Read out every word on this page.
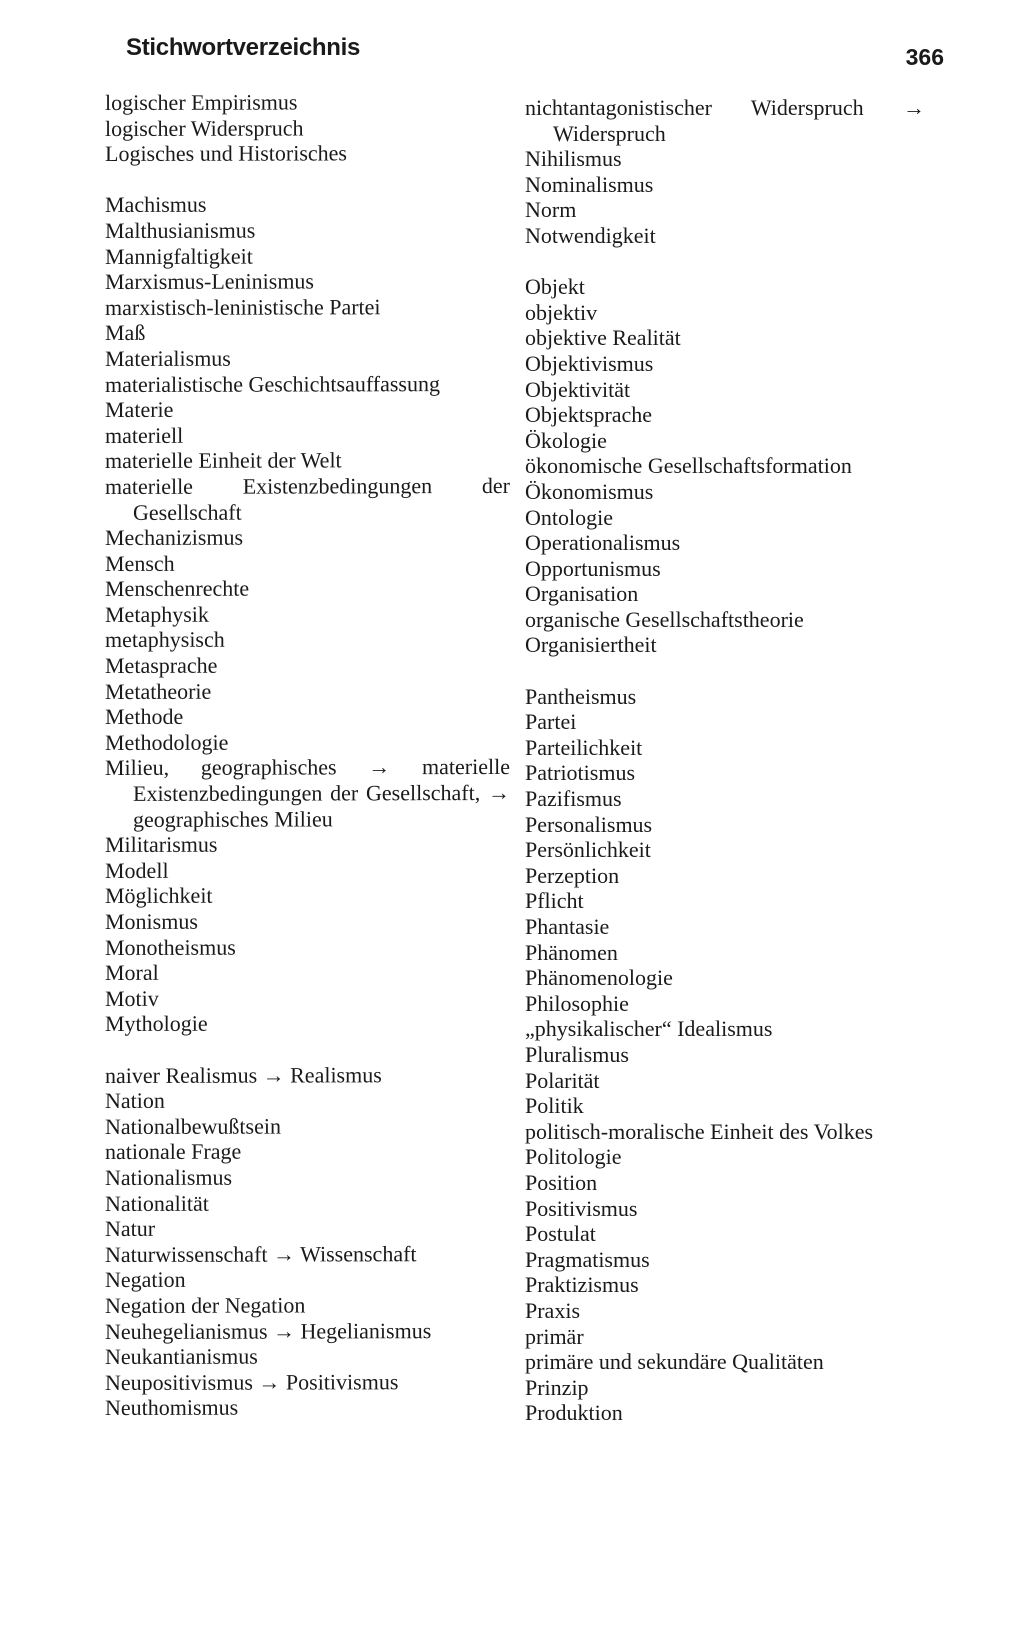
Stichwortverzeichnis	366
logischer Empirismus
logischer Widerspruch
Logisches und Historisches
Machismus
Malthusianismus
Mannigfaltigkeit
Marxismus-Leninismus
marxistisch-leninistische Partei
Maß
Materialismus
materialistische Geschichtsauffassung
Materie
materiell
materielle Einheit der Welt
materielle Existenzbedingungen der Gesellschaft
Mechanizismus
Mensch
Menschenrechte
Metaphysik
metaphysisch
Metasprache
Metatheorie
Methode
Methodologie
Milieu, geographisches → materielle Existenzbedingungen der Gesellschaft, → geographisches Milieu
Militarismus
Modell
Möglichkeit
Monismus
Monotheismus
Moral
Motiv
Mythologie
naiver Realismus → Realismus
Nation
Nationalbewußtsein
nationale Frage
Nationalismus
Nationalität
Natur
Naturwissenschaft → Wissenschaft
Negation
Negation der Negation
Neuhegelianismus → Hegelianismus
Neukantianismus
Neupositivismus → Positivismus
Neuthomismus
nichtantagonistischer Widerspruch → Widerspruch
Nihilismus
Nominalismus
Norm
Notwendigkeit
Objekt
objektiv
objektive Realität
Objektivismus
Objektivität
Objektsprache
Ökologie
ökonomische Gesellschaftsformation
Ökonomismus
Ontologie
Operationalismus
Opportunismus
Organisation
organische Gesellschaftstheorie
Organisiertheit
Pantheismus
Partei
Parteilichkeit
Patriotismus
Pazifismus
Personalismus
Persönlichkeit
Perzeption
Pflicht
Phantasie
Phänomen
Phänomenologie
Philosophie
„physikalischer“ Idealismus
Pluralismus
Polarität
Politik
politisch-moralische Einheit des Volkes
Politologie
Position
Positivismus
Postulat
Pragmatismus
Praktizismus
Praxis
primär
primäre und sekundäre Qualitäten
Prinzip
Produktion
